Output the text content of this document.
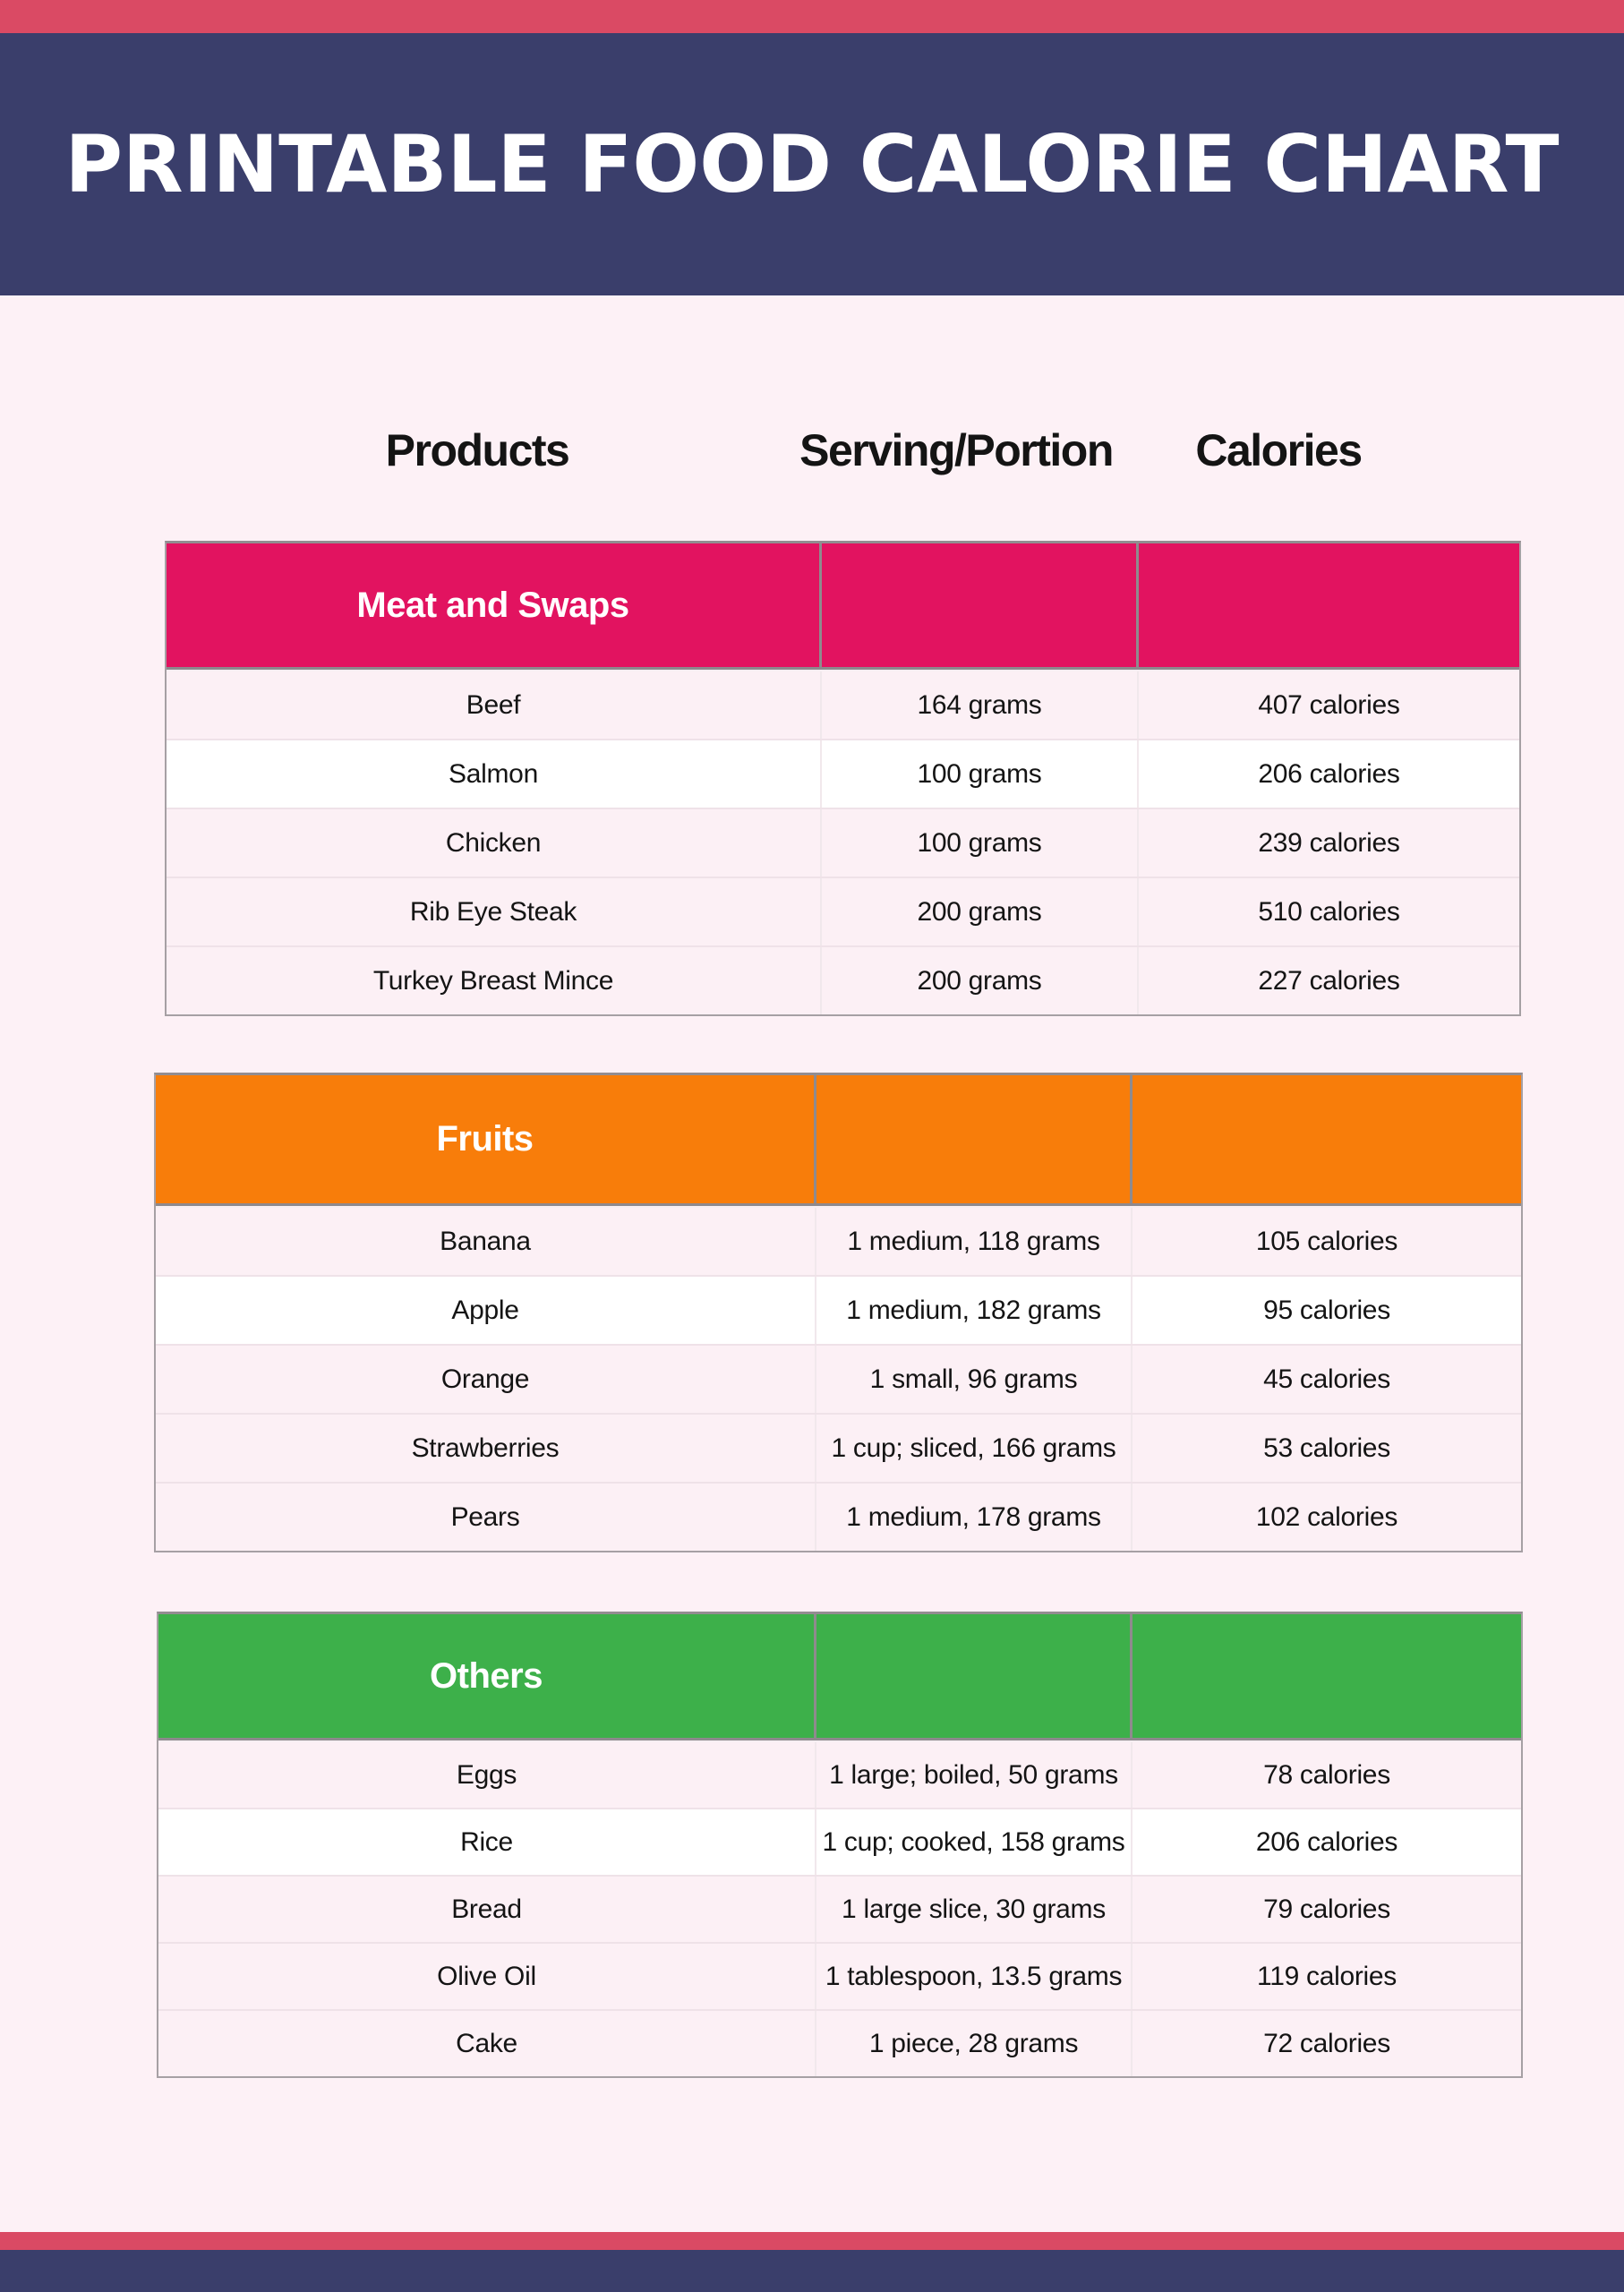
PRINTABLE FOOD CALORIE CHART
Products	Serving/Portion Calories
Meat and Swaps
Beef	164 grams	407 calories
Salmon	100 grams	206 calories
Chicken	100 grams	239 calories
Rib Eye Steak	200 grams	510 calories
Turkey Breast Mince	200 grams	227 calories
Fruits
Banana	1 medium, 118 grams	105 calories
Apple	1 medium, 182 grams	95 calories
Orange	1 small, 96 grams	45 calories
Strawberries	1 cup; sliced, 166 grams	53 calories
Pears	1 medium, 178 grams	102 calories
Others
Eggs	1 large; boiled, 50 grams	78 calories
Rice	1 cup; cooked, 158 grams	206 calories
Bread	1 large slice, 30 grams	79 calories
Olive Oil	1 tablespoon, 13.5 grams	119 calories
Cake	1 piece, 28 grams	72 calories
